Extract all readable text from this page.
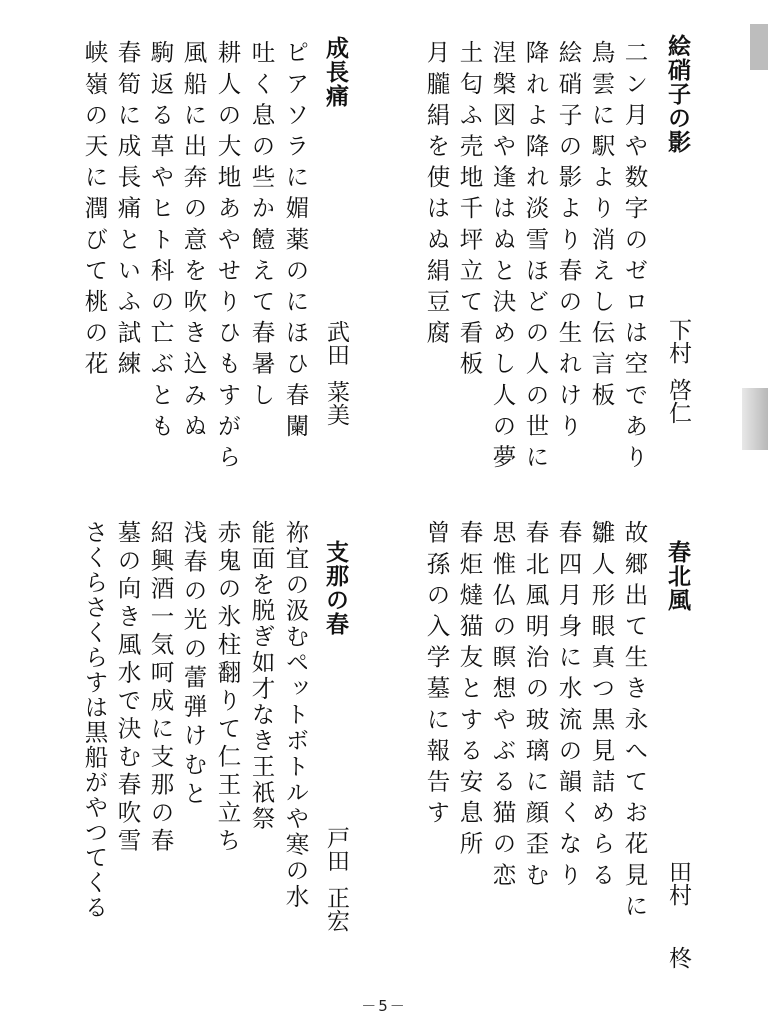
絵硝子の影
下村啓仁

二ン月や数字のゼロは空であり

鳥雲に駅より消えし伝言板

絵硝子の影より春の生れけり

降れよ降れ淡雪ほどの人の世に

涅槃図や逢はぬと決めし人の夢

土匂ふ売地千坪立て看板

月朧絹を使はぬ絹豆腐

成長痛
武田菜美

ピアソラに媚薬のにほひ春闌

吐く息の些か饐えて春暑し

耕人の大地あやせりひもすがら

風船に出奔の意を吹き込みぬ

駒返る草やヒト科の亡ぶとも

春筍に成長痛といふ試練

峡嶺の天に潤びて桃の花

春北風
田村柊

故郷出て生き永へてお花見に

雛人形眼真つ黒見詰めらる

春四月身に水流の韻くなり

春北風明治の玻璃に顔歪む

思惟仏の瞑想やぶる猫の恋

春炬燵猫友とする安息所

曾孫の入学墓に報告す

支那の春
戸田正宏

祢宜の汲むペットボトルや寒の水

能面を脱ぎ如才なき王祇祭

赤鬼の氷柱翻りて仁王立ち

浅春の光の蕾弾けむと

紹興酒一気呵成に支那の春

墓の向き風水で決む春吹雪

さくらさくらすは黒船がやつてくる

－5－
